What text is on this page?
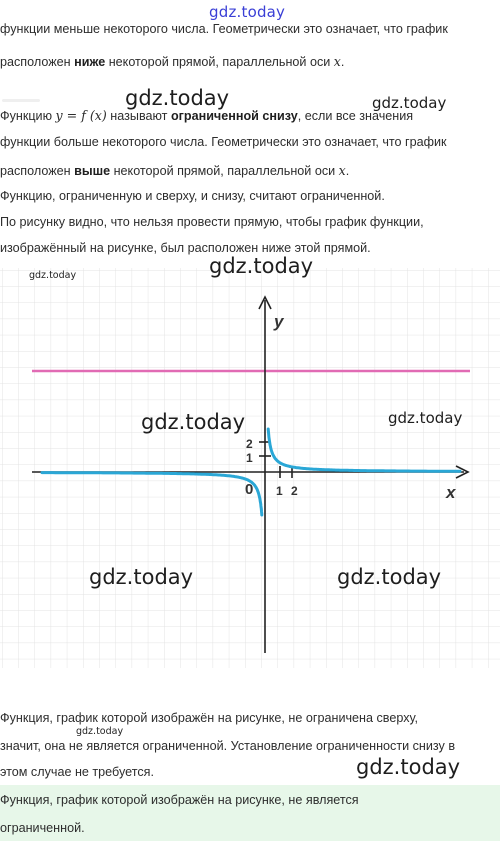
gdz.today
функции меньше некоторого числа. Геометрически это означает, что график
расположен ниже некоторой прямой, параллельной оси x.
Функцию y = f (x) называют ограниченной снизу, если все значения
функции больше некоторого числа. Геометрически это означает, что график
расположен выше некоторой прямой, параллельной оси x.
Функцию, ограниченную и сверху, и снизу, считают ограниченной.
По рисунку видно, что нельзя провести прямую, чтобы график функции,
изображённый на рисунке, был расположен ниже этой прямой.
y
x
0 1 2
2
1
gdz.today	gdz.today
gdz.today
gdz.today
gdz.today	gdz.today
gdz.today	gdz.today
Функция, график которой изображён на рисунке, не ограничена сверху,
gdz.today
значит, она не является ограниченной. Установление ограниченности снизу в
этом случае не требуется.	gdz.today
Функция, график которой изображён на рисунке, не является
ограниченной.
